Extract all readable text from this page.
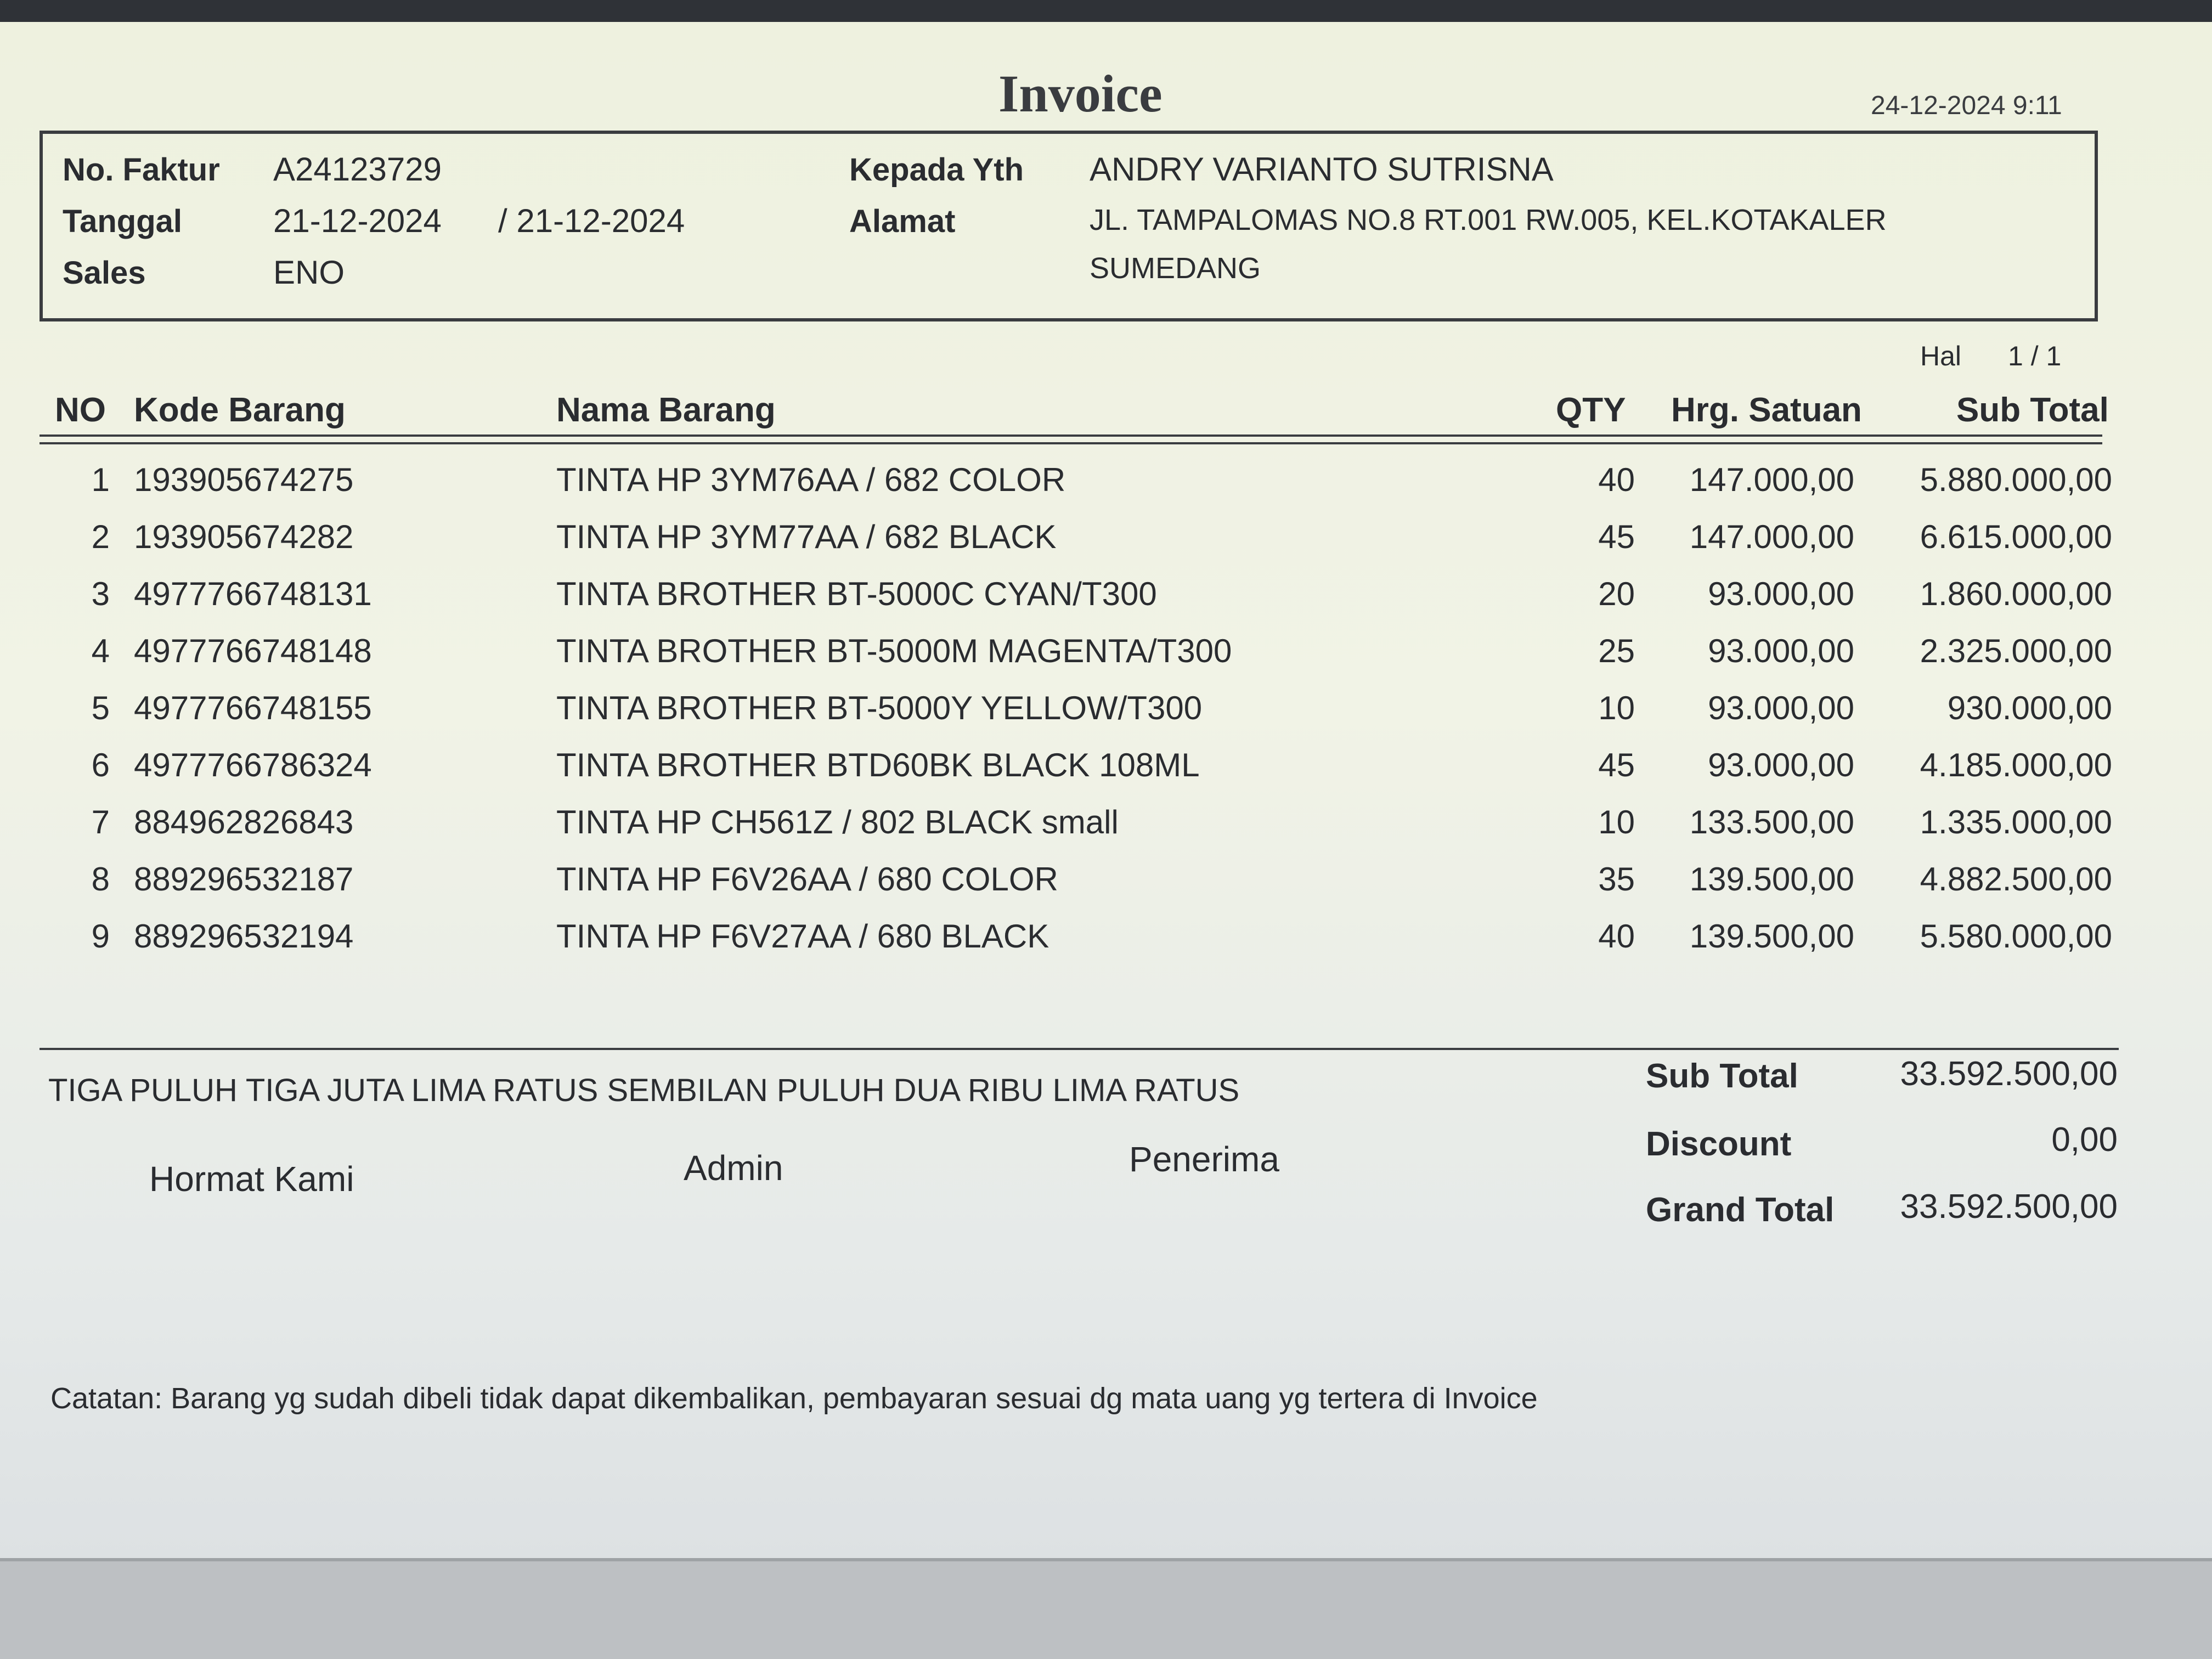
Invoice	24-12-2024 9:11
No. Faktur A24123729
Tanggal	21-12-2024 / 21-12-2024
Sales	ENO
Kepada Yth ANDRY VARIANTO SUTRISNA
Alamat	JL. TAMPALOMAS NO.8 RT.001 RW.005, KEL.KOTAKALER
SUMEDANG
Hal 1 / 1
NO Kode Barang	Nama Barang	QTY Hrg. Satuan	Sub Total
1 193905674275	TINTA HP 3YM76AA / 682 COLOR	40	147.000,00	5.880.000,00
2 193905674282	TINTA HP 3YM77AA / 682 BLACK	45	147.000,00	6.615.000,00
3 4977766748131	TINTA BROTHER BT-5000C CYAN/T300	20	93.000,00	1.860.000,00
4 4977766748148	TINTA BROTHER BT-5000M MAGENTA/T300	25	93.000,00	2.325.000,00
5 4977766748155	TINTA BROTHER BT-5000Y YELLOW/T300	10	93.000,00	930.000,00
6 4977766786324	TINTA BROTHER BTD60BK BLACK 108ML	45	93.000,00	4.185.000,00
7 884962826843	TINTA HP CH561Z / 802 BLACK small	10	133.500,00	1.335.000,00
8 889296532187	TINTA HP F6V26AA / 680 COLOR	35	139.500,00	4.882.500,00
9 889296532194	TINTA HP F6V27AA / 680 BLACK	40	139.500,00	5.580.000,00
TIGA PULUH TIGA JUTA LIMA RATUS SEMBILAN PULUH DUA RIBU LIMA RATUS	Sub Total	33.592.500,00
Discount	0,00
Grand Total	33.592.500,00
Hormat Kami	Admin	Penerima
Catatan: Barang yg sudah dibeli tidak dapat dikembalikan, pembayaran sesuai dg mata uang yg tertera di Invoice
